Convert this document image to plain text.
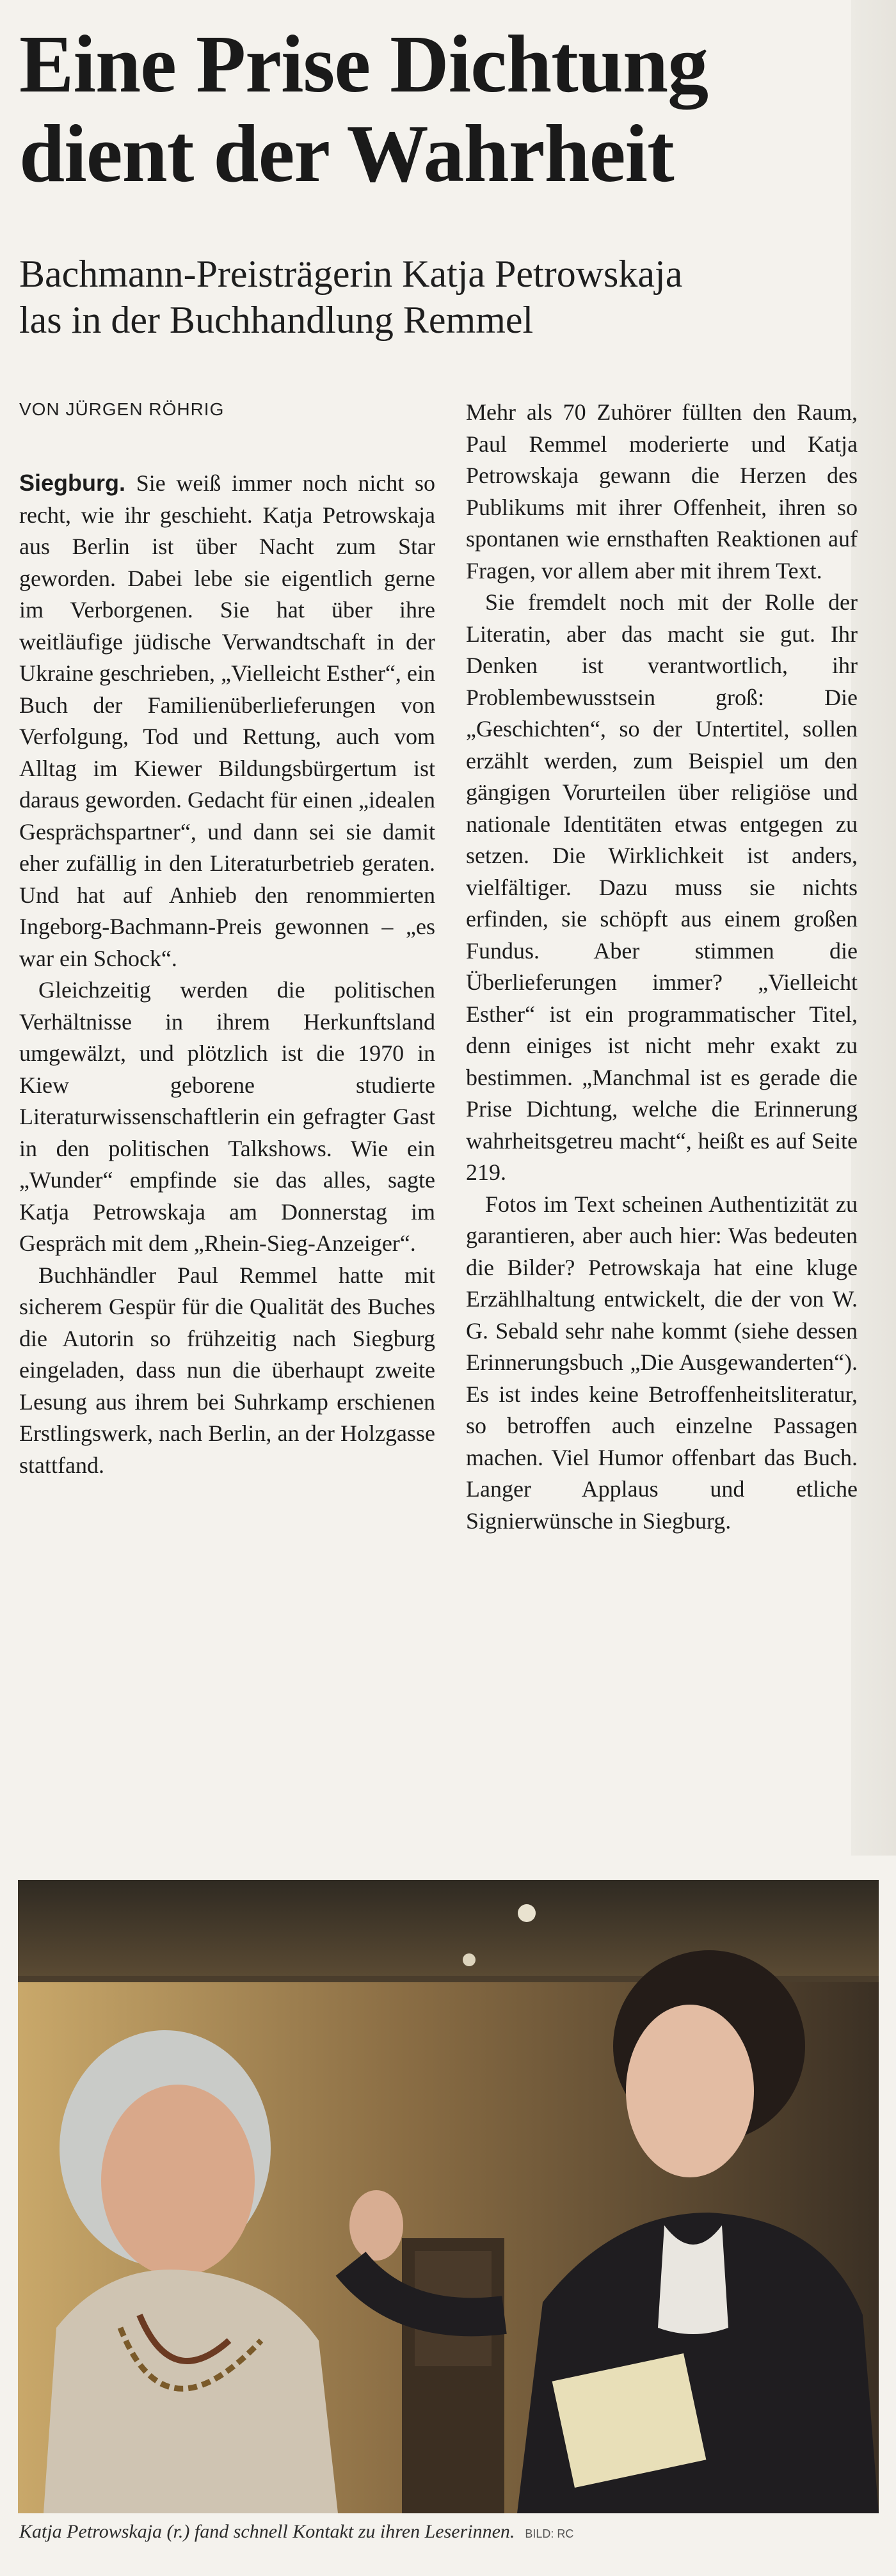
Eine Prise Dichtung
dient der Wahrheit
Bachmann-Preisträgerin Katja Petrowskaja
las in der Buchhandlung Remmel
VON JÜRGEN RÖHRIG

Siegburg. Sie weiß immer noch nicht so recht, wie ihr geschieht. Katja Petrowskaja aus Berlin ist über Nacht zum Star geworden. Dabei lebe sie eigentlich gerne im Verborgenen. Sie hat über ihre weitläufige jüdische Verwandtschaft in der Ukraine geschrieben, „Vielleicht Esther“, ein Buch der Familienüberlieferungen von Verfolgung, Tod und Rettung, auch vom Alltag im Kiewer Bildungsbürgertum ist daraus geworden. Gedacht für einen „idealen Gesprächspartner“, und dann sei sie damit eher zufällig in den Literaturbetrieb geraten. Und hat auf Anhieb den renommierten Ingeborg-Bachmann-Preis gewonnen – „es war ein Schock“.

Gleichzeitig werden die politischen Verhältnisse in ihrem Herkunftsland umgewälzt, und plötzlich ist die 1970 in Kiew geborene studierte Literaturwissenschaftlerin ein gefragter Gast in den politischen Talkshows. Wie ein „Wunder“ empfinde sie das alles, sagte Katja Petrowskaja am Donnerstag im Gespräch mit dem „Rhein-Sieg-Anzeiger“.

Buchhändler Paul Remmel hatte mit sicherem Gespür für die Qualität des Buches die Autorin so frühzeitig nach Siegburg eingeladen, dass nun die überhaupt zweite Lesung aus ihrem bei Suhrkamp erschienen Erstlingswerk, nach Berlin, an der Holzgasse stattfand.

Mehr als 70 Zuhörer füllten den Raum, Paul Remmel moderierte und Katja Petrowskaja gewann die Herzen des Publikums mit ihrer Offenheit, ihren so spontanen wie ernsthaften Reaktionen auf Fragen, vor allem aber mit ihrem Text.

Sie fremdelt noch mit der Rolle der Literatin, aber das macht sie gut. Ihr Denken ist verantwortlich, ihr Problembewusstsein groß: Die „Geschichten“, so der Untertitel, sollen erzählt werden, zum Beispiel um den gängigen Vorurteilen über religiöse und nationale Identitäten etwas entgegen zu setzen. Die Wirklichkeit ist anders, vielfältiger. Dazu muss sie nichts erfinden, sie schöpft aus einem großen Fundus. Aber stimmen die Überlieferungen immer? „Vielleicht Esther“ ist ein programmatischer Titel, denn einiges ist nicht mehr exakt zu bestimmen. „Manchmal ist es gerade die Prise Dichtung, welche die Erinnerung wahrheitsgetreu macht“, heißt es auf Seite 219.

Fotos im Text scheinen Authentizität zu garantieren, aber auch hier: Was bedeuten die Bilder? Petrowskaja hat eine kluge Erzählhaltung entwickelt, die der von W. G. Sebald sehr nahe kommt (siehe dessen Erinnerungsbuch „Die Ausgewanderten“). Es ist indes keine Betroffenheitsliteratur, so betroffen auch einzelne Passagen machen. Viel Humor offenbart das Buch. Langer Applaus und etliche Signierwünsche in Siegburg.

Katja Petrowskaja (r.) fand schnell Kontakt zu ihren Leserinnen. BILD: RC
